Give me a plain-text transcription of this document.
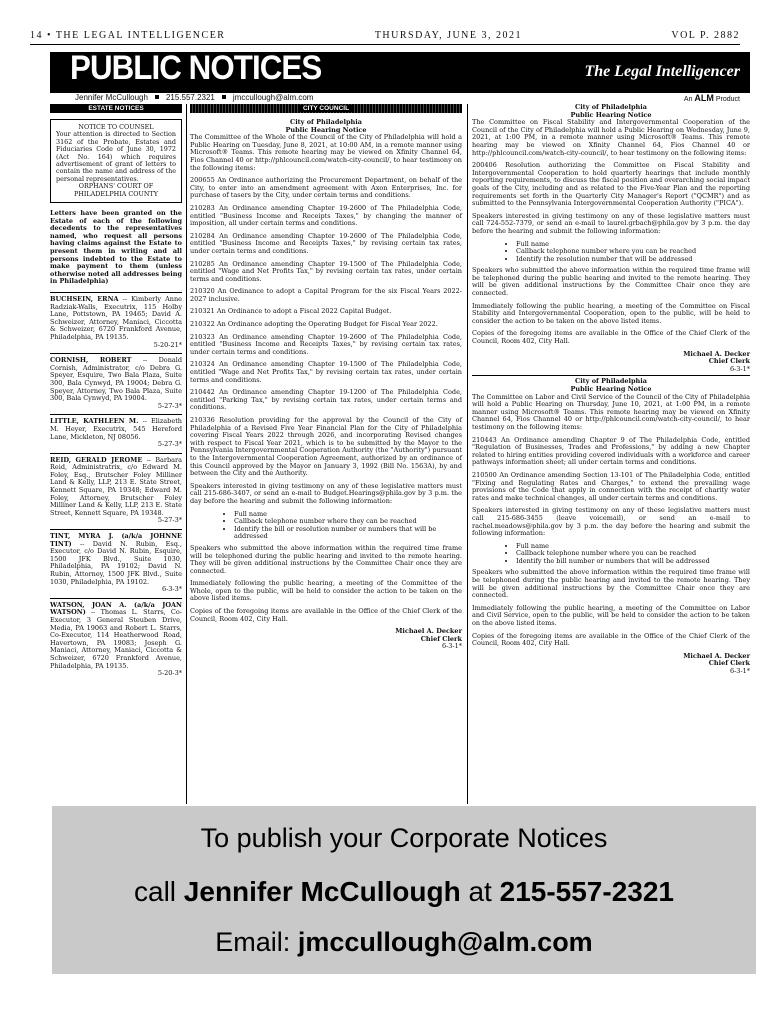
14 • THE LEGAL INTELLIGENCER	THURSDAY, JUNE 3, 2021	VOL P. 2882
PUBLIC NOTICES	The Legal Intelligencer
Jennifer McCullough 215.557.2321 jmccullough@alm.com	An ALM Product
ESTATE NOTICES
NOTICE TO COUNSEL
Your attention is directed to Section 3162 of the Probate, Estates and Fiduciaries Code of June 30, 1972 (Act No. 164) which requires advertisement of grant of letters to contain the name and address of the personal representatives.
ORPHANS' COURT OF PHILADELPHIA COUNTY
Letters have been granted on the Estate of each of the following decedents to the representatives named, who request all persons having claims against the Estate to present them in writing and all persons indebted to the Estate to make payment to them (unless otherwise noted all addresses being in Philadelphia)
BUCHSEIN, ERNA -- Kimberly Anne Radziak-Walls, Executrix, 115 Holby Lane, Pottstown, PA 19465; David A. Schweizer, Attorney, Maniaci, Ciccotta & Schweizer, 6720 Frankford Avenue, Philadelphia, PA 19135.
5-20-21*
CORNISH, ROBERT -- Donald Cornish, Administrator, c/o Debra G. Speyer, Esquire, Two Bala Plaza, Suite 300, Bala Cynwyd, PA 19004; Debra G. Speyer, Attorney, Two Bala Plaza, Suite 300, Bala Cynwyd, PA 19004.
5-27-3*
LITTLE, KATHLEEN M. -- Elizabeth M. Heyer, Executrix, 545 Hereford Lane, Mickleton, NJ 08056.
5-27-3*
REID, GERALD JEROME -- Barbara Reid, Administratrix, c/o Edward M. Foley, Esq., Brutscher Foley Milliner Land & Kelly, LLP, 213 E. State Street, Kennett Square, PA 19348; Edward M. Foley, Attorney, Brutscher Foley Milliner Land & Kelly, LLP, 213 E. State Street, Kennett Square, PA 19348.
5-27-3*
TINT, MYRA J. (a/k/a JOHNNE TINT) -- David N. Rubin, Esq., Executor, c/o David N. Rubin, Esquire, 1500 JFK Blvd., Suite 1030, Philadelphia, PA 19102; David N. Rubin, Attorney, 1500 JFK Blvd., Suite 1030, Philadelphia, PA 19102.
6-3-3*
WATSON, JOAN A. (a/k/a JOAN WATSON) -- Thomas L. Starrs, Co-Executor, 3 General Steuben Drive, Media, PA 19063 and Robert L. Starrs, Co-Executor, 114 Heatherwood Road, Havertown, PA 19083; Joseph G. Maniaci, Attorney, Maniaci, Ciccotta & Schweizer, 6720 Frankford Avenue, Philadelphia, PA 19135.
5-20-3*
CITY COUNCIL
City of Philadelphia
Public Hearing Notice

The Committee of the Whole of the Council of the City of Philadelphia will hold a Public Hearing on Tuesday, June 8, 2021, at 10:00 AM, in a remote manner using Microsoft® Teams. This remote hearing may be viewed on Xfinity Channel 64, Fios Channel 40 or http://phlcouncil.com/watch-city-council/, to hear testimony on the following items:

200655 An Ordinance authorizing the Procurement Department, on behalf of the City, to enter into an amendment agreement with Axon Enterprises, Inc. for purchase of tasers by the City, under certain terms and conditions.

210283 An Ordinance amending Chapter 19-2600 of The Philadelphia Code, entitled "Business Income and Receipts Taxes," by changing the manner of imposition, all under certain terms and conditions.

210284 An Ordinance amending Chapter 19-2600 of The Philadelphia Code, entitled "Business Income and Receipts Taxes," by revising certain tax rates, under certain terms and conditions.

210285 An Ordinance amending Chapter 19-1500 of The Philadelphia Code, entitled "Wage and Net Profits Tax," by revising certain tax rates, under certain terms and conditions.

210320 An Ordinance to adopt a Capital Program for the six Fiscal Years 2022-2027 inclusive.

210321 An Ordinance to adopt a Fiscal 2022 Capital Budget.

210322 An Ordinance adopting the Operating Budget for Fiscal Year 2022.

210323 An Ordinance amending Chapter 19-2600 of The Philadelphia Code, entitled "Business Income and Receipts Taxes," by revising certain tax rates, under certain terms and conditions.

210324 An Ordinance amending Chapter 19-1500 of The Philadelphia Code, entitled "Wage and Net Profits Tax," by revising certain tax rates, under certain terms and conditions.

210442 An Ordinance amending Chapter 19-1200 of The Philadelphia Code, entitled "Parking Tax," by revising certain tax rates, under certain terms and conditions.

210336 Resolution providing for the approval by the Council of the City of Philadelphia of a Revised Five Year Financial Plan for the City of Philadelphia covering Fiscal Years 2022 through 2026, and incorporating Revised changes with respect to Fiscal Year 2021, which is to be submitted by the Mayor to the Pennsylvania Intergovernmental Cooperation Authority (the "Authority") pursuant to the Intergovernmental Cooperation Agreement, authorized by an ordinance of this Council approved by the Mayor on January 3, 1992 (Bill No. 1563A), by and between the City and the Authority.

Speakers interested in giving testimony on any of these legislative matters must call 215-686-3407, or send an e-mail to Budget.Hearings@phila.gov by 3 p.m. the day before the hearing and submit the following information:

• Full name
• Callback telephone number where they can be reached
• Identify the bill or resolution number or numbers that will be addressed

Speakers who submitted the above information within the required time frame will be telephoned during the public hearing and invited to the remote hearing. They will be given additional instructions by the Committee Chair once they are connected.

Immediately following the public hearing, a meeting of the Committee of the Whole, open to the public, will be held to consider the action to be taken on the above listed items.

Copies of the foregoing items are available in the Office of the Chief Clerk of the Council, Room 402, City Hall.

Michael A. Decker
Chief Clerk
6-3-1*
City of Philadelphia
Public Hearing Notice

The Committee on Fiscal Stability and Intergovernmental Cooperation of the Council of the City of Philadelphia will hold a Public Hearing on Wednesday, June 9, 2021, at 1:00 PM, in a remote manner using Microsoft® Teams. This remote hearing may be viewed on Xfinity Channel 64, Fios Channel 40 or http://phlcouncil.com/watch-city-council/, to hear testimony on the following items:

200406 Resolution authorizing the Committee on Fiscal Stability and Intergovernmental Cooperation to hold quarterly hearings that include monthly reporting requirements, to discuss the fiscal position and overarching social impact goals of the City, including and as related to the Five-Year Plan and the reporting requirements set forth in the Quarterly City Manager's Report ("QCMR") and as submitted to the Pennsylvania Intergovernmental Cooperation Authority ("PICA").

Speakers interested in giving testimony on any of these legislative matters must call 724-552-7379, or send an e-mail to laurel.grbach@phila.gov by 3 p.m. the day before the hearing and submit the following information:

• Full name
• Callback telephone number where you can be reached
• Identify the resolution number that will be addressed

Speakers who submitted the above information within the required time frame will be telephoned during the public hearing and invited to the remote hearing. They will be given additional instructions by the Committee Chair once they are connected.

Immediately following the public hearing, a meeting of the Committee on Fiscal Stability and Intergovernmental Cooperation, open to the public, will be held to consider the action to be taken on the above listed items.

Copies of the foregoing items are available in the Office of the Chief Clerk of the Council, Room 402, City Hall.

Michael A. Decker
Chief Clerk
6-3-1*
City of Philadelphia
Public Hearing Notice

The Committee on Labor and Civil Service of the Council of the City of Philadelphia will hold a Public Hearing on Thursday, June 10, 2021, at 1:00 PM, in a remote manner using Microsoft® Teams. This remote hearing may be viewed on Xfinity Channel 64, Fios Channel 40 or http://phlcouncil.com/watch-city-council/, to hear testimony on the following items:

210443 An Ordinance amending Chapter 9 of The Philadelphia Code, entitled "Regulation of Businesses, Trades and Professions," by adding a new Chapter related to hiring entities providing covered individuals with a workforce and career pathways information sheet; all under certain terms and conditions.

210500 An Ordinance amending Section 13-101 of The Philadelphia Code, entitled "Fixing and Regulating Rates and Charges," to extend the prevailing wage provisions of the Code that apply in connection with the receipt of charity water rates and make technical changes, all under certain terms and conditions.

Speakers interested in giving testimony on any of these legislative matters must call 215-686-3455 (leave voicemail), or send an e-mail to rachel.meadows@phila.gov by 3 p.m. the day before the hearing and submit the following information:

• Full name
• Callback telephone number where you can be reached
• Identify the bill number or numbers that will be addressed

Speakers who submitted the above information within the required time frame will be telephoned during the public hearing and invited to the remote hearing. They will be given additional instructions by the Committee Chair once they are connected.

Immediately following the public hearing, a meeting of the Committee on Labor and Civil Service, open to the public, will be held to consider the action to be taken on the above listed items.

Copies of the foregoing items are available in the Office of the Chief Clerk of the Council, Room 402, City Hall.

Michael A. Decker
Chief Clerk
6-3-1*
To publish your Corporate Notices
call Jennifer McCullough at 215-557-2321
Email: jmccullough@alm.com
